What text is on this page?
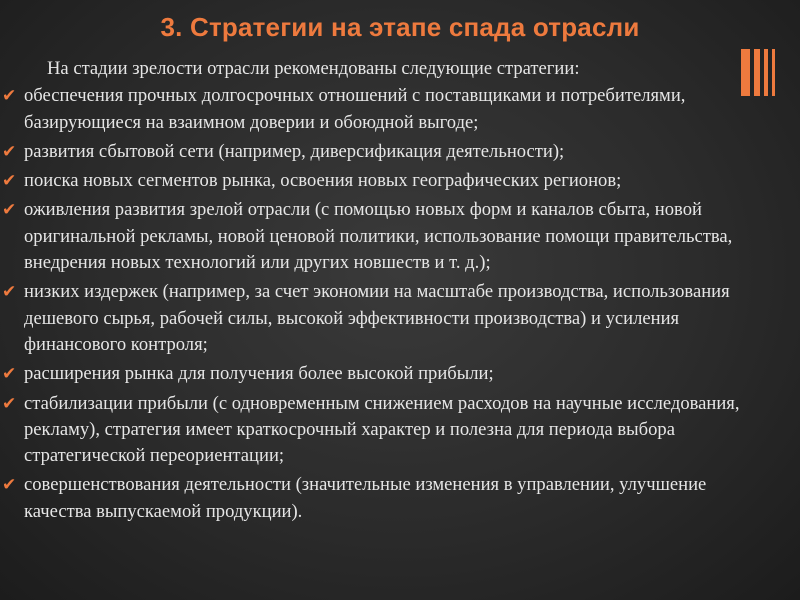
3. Стратегии на этапе спада отрасли
На стадии зрелости отрасли рекомендованы следующие стратегии:
✔ обеспечения прочных долгосрочных отношений с поставщиками и потребителями, базирующиеся на взаимном доверии и обоюдной выгоде;
✔ развития сбытовой сети (например, диверсификация деятельности);
✔ поиска новых сегментов рынка, освоения новых географических регионов;
✔ оживления развития зрелой отрасли (с помощью новых форм и каналов сбыта, новой оригинальной рекламы, новой ценовой политики, использование помощи правительства, внедрения новых технологий или других новшеств и т. д.);
✔ низких издержек (например, за счет экономии на масштабе производства, использования дешевого сырья, рабочей силы, высокой эффективности производства) и усиления финансового контроля;
✔ расширения рынка для получения более высокой прибыли;
✔ стабилизации прибыли (с одновременным снижением расходов на научные исследования, рекламу), стратегия имеет краткосрочный характер и полезна для периода выбора стратегической переориентации;
✔ совершенствования деятельности (значительные изменения в управлении, улучшение качества выпускаемой продукции).
